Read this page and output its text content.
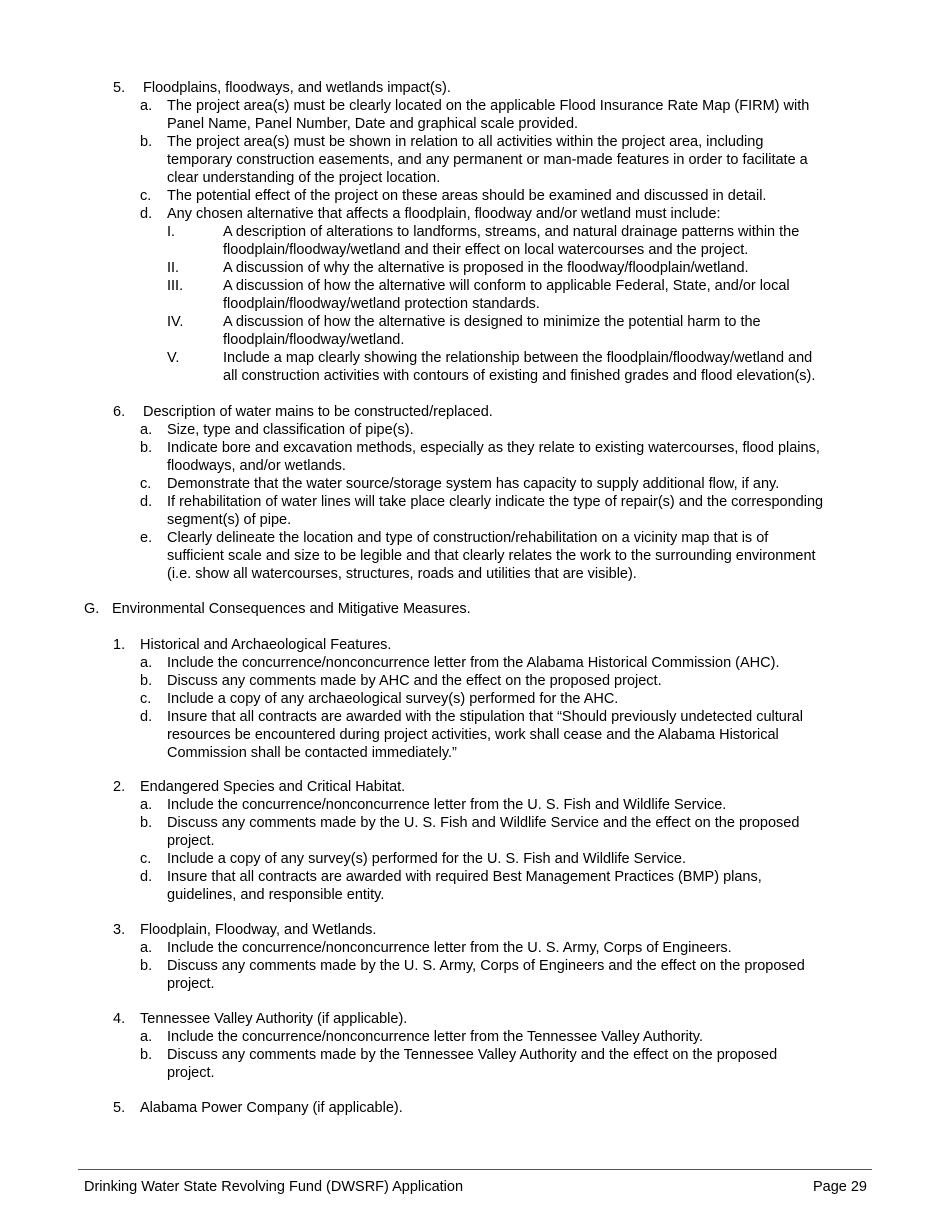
5. Floodplains, floodways, and wetlands impact(s).
a. The project area(s) must be clearly located on the applicable Flood Insurance Rate Map (FIRM) with
Panel Name, Panel Number, Date and graphical scale provided.
b. The project area(s) must be shown in relation to all activities within the project area, including
temporary construction easements, and any permanent or man-made features in order to facilitate a
clear understanding of the project location.
c. The potential effect of the project on these areas should be examined and discussed in detail.
d. Any chosen alternative that affects a floodplain, floodway and/or wetland must include:
I.	A description of alterations to landforms, streams, and natural drainage patterns within the
floodplain/floodway/wetland and their effect on local watercourses and the project.
II.	A discussion of why the alternative is proposed in the floodway/floodplain/wetland.
III.	A discussion of how the alternative will conform to applicable Federal, State, and/or local
floodplain/floodway/wetland protection standards.
IV.	A discussion of how the alternative is designed to minimize the potential harm to the
floodplain/floodway/wetland.
V.	Include a map clearly showing the relationship between the floodplain/floodway/wetland and
all construction activities with contours of existing and finished grades and flood elevation(s).
6. Description of water mains to be constructed/replaced.
a. Size, type and classification of pipe(s).
b. Indicate bore and excavation methods, especially as they relate to existing watercourses, flood plains,
floodways, and/or wetlands.
c. Demonstrate that the water source/storage system has capacity to supply additional flow, if any.
d. If rehabilitation of water lines will take place clearly indicate the type of repair(s) and the corresponding
segment(s) of pipe.
e. Clearly delineate the location and type of construction/rehabilitation on a vicinity map that is of
sufficient scale and size to be legible and that clearly relates the work to the surrounding environment
(i.e. show all watercourses, structures, roads and utilities that are visible).
G. Environmental Consequences and Mitigative Measures.
1. Historical and Archaeological Features.
a. Include the concurrence/nonconcurrence letter from the Alabama Historical Commission (AHC).
b. Discuss any comments made by AHC and the effect on the proposed project.
c. Include a copy of any archaeological survey(s) performed for the AHC.
d. Insure that all contracts are awarded with the stipulation that “Should previously undetected cultural
resources be encountered during project activities, work shall cease and the Alabama Historical
Commission shall be contacted immediately.”
2. Endangered Species and Critical Habitat.
a. Include the concurrence/nonconcurrence letter from the U. S. Fish and Wildlife Service.
b. Discuss any comments made by the U. S. Fish and Wildlife Service and the effect on the proposed
project.
c. Include a copy of any survey(s) performed for the U. S. Fish and Wildlife Service.
d. Insure that all contracts are awarded with required Best Management Practices (BMP) plans,
guidelines, and responsible entity.
3. Floodplain, Floodway, and Wetlands.
a. Include the concurrence/nonconcurrence letter from the U. S. Army, Corps of Engineers.
b. Discuss any comments made by the U. S. Army, Corps of Engineers and the effect on the proposed
project.
4. Tennessee Valley Authority (if applicable).
a. Include the concurrence/nonconcurrence letter from the Tennessee Valley Authority.
b. Discuss any comments made by the Tennessee Valley Authority and the effect on the proposed
project.
5. Alabama Power Company (if applicable).
Drinking Water State Revolving Fund (DWSRF) Application	Page 29
